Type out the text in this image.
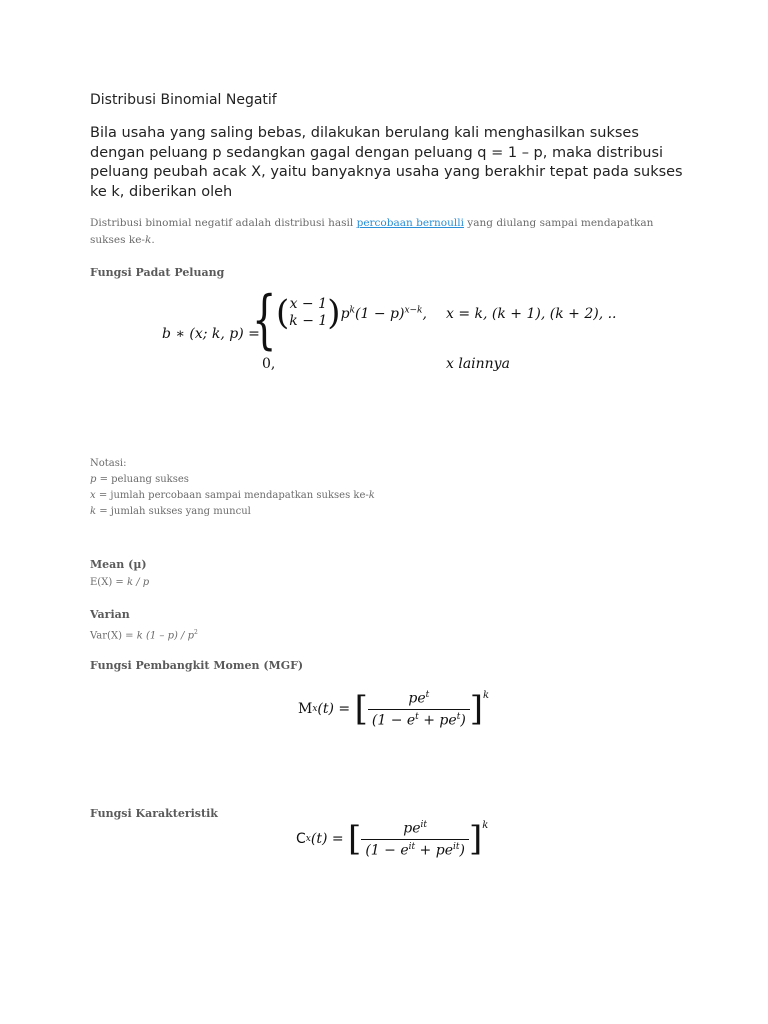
Distribusi Binomial Negatif
Bila usaha yang saling bebas, dilakukan berulang kali menghasilkan sukses dengan peluang p sedangkan gagal dengan peluang q = 1 – p, maka distribusi peluang peubah acak X, yaitu banyaknya usaha yang berakhir tepat pada sukses ke k, diberikan oleh
Distribusi binomial negatif adalah distribusi hasil percobaan bernoulli yang diulang sampai mendapatkan sukses ke-k.
Fungsi Padat Peluang
b ∗ (x; k, p) =
{ ( x − 1
k − 1 )$p^k(1 - p)^{x-k}$, x = k, (k + 1), (k + 2), ..
0,	x lainnya
Notasi:
p = peluang sukses
x = jumlah percobaan sampai mendapatkan sukses ke-k
k = jumlah sukses yang muncul
Mean (µ)
E(X) = k / p
Varian
Var(X) = k $(1 - p) / p^2$
Fungsi Pembangkit Momen (MGF)
Mx(t) = [ $\frac{pe^t}{(1 - e^t + pe^t)} ]^k$
Fungsi Karakteristik
Cx(t) = [ $\frac{pe^{it}}{(1 - e^{it} + pe^{it})} ]^k$
